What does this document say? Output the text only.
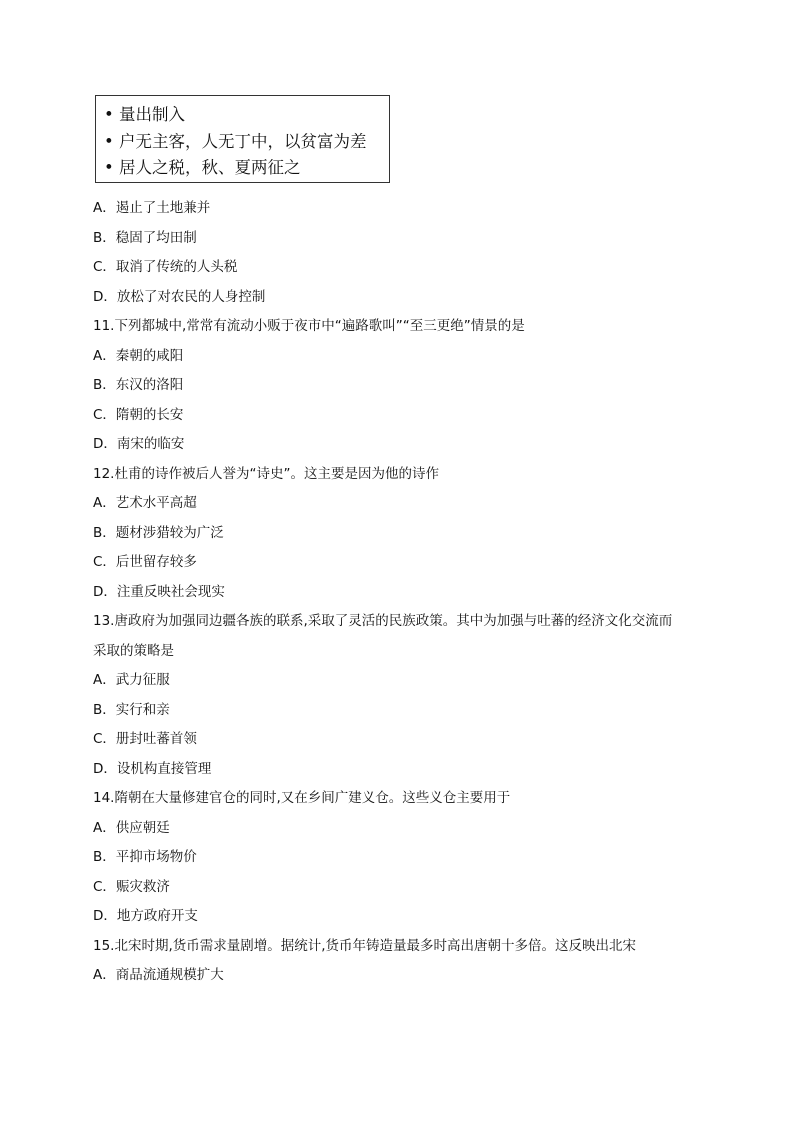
• 量出制入
• 户无主客，人无丁中，以贫富为差
• 居人之税，秋、夏两征之
A．遏止了土地兼并
B．稳固了均田制
C．取消了传统的人头税
D．放松了对农民的人身控制
11.下列都城中,常常有流动小贩于夜市中“遍路歌叫”“至三更绝”情景的是
A．秦朝的咸阳
B．东汉的洛阳
C．隋朝的长安
D．南宋的临安
12.杜甫的诗作被后人誉为“诗史”。这主要是因为他的诗作
A．艺术水平高超
B．题材涉猎较为广泛
C．后世留存较多
D．注重反映社会现实
13.唐政府为加强同边疆各族的联系,采取了灵活的民族政策。其中为加强与吐蕃的经济文化交流而
采取的策略是
A．武力征服
B．实行和亲
C．册封吐蕃首领
D．设机构直接管理
14.隋朝在大量修建官仓的同时,又在乡间广建义仓。这些义仓主要用于
A．供应朝廷
B．平抑市场物价
C．赈灾救济
D．地方政府开支
15.北宋时期,货币需求量剧增。据统计,货币年铸造量最多时高出唐朝十多倍。这反映出北宋
A．商品流通规模扩大
